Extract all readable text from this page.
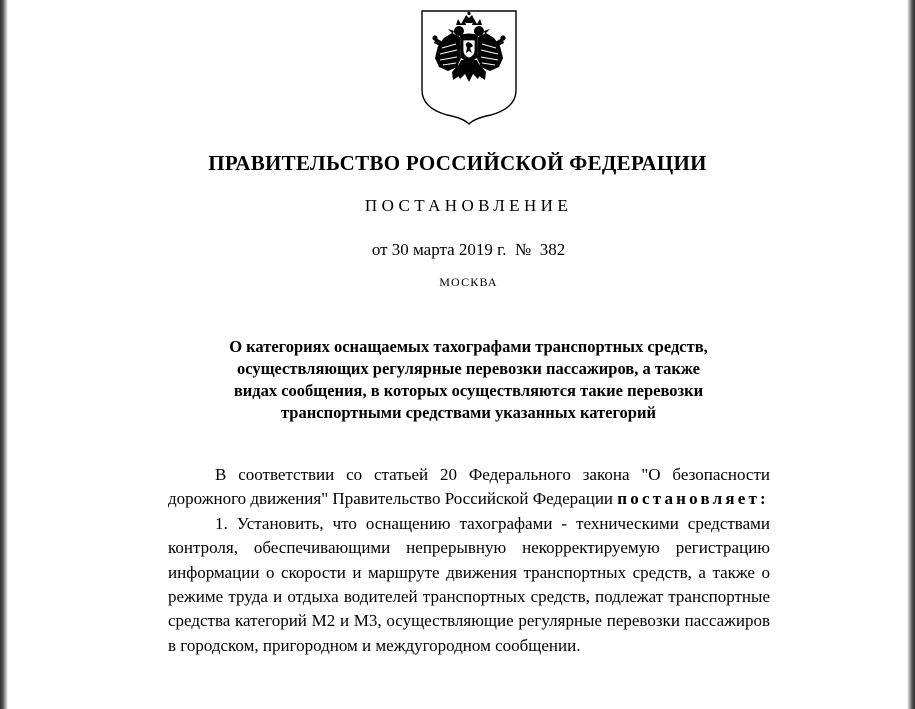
ПРАВИТЕЛЬСТВО РОССИЙСКОЙ ФЕДЕРАЦИИ
ПОСТАНОВЛЕНИЕ
от 30 марта 2019 г.  №  382
МОСКВА
О категориях оснащаемых тахографами транспортных средств,
осуществляющих регулярные перевозки пассажиров, а также
видах сообщения, в которых осуществляются такие перевозки
транспортными средствами указанных категорий

В соответствии со статьей 20 Федерального закона "О безопасности дорожного движения" Правительство Российской Федерации постановляет:

1. Установить, что оснащению тахографами - техническими средствами контроля, обеспечивающими непрерывную некорректируемую регистрацию информации о скорости и маршруте движения транспортных средств, а также о режиме труда и отдыха водителей транспортных средств, подлежат транспортные средства категорий М2 и М3, осуществляющие регулярные перевозки пассажиров в городском, пригородном и междугородном сообщении.
